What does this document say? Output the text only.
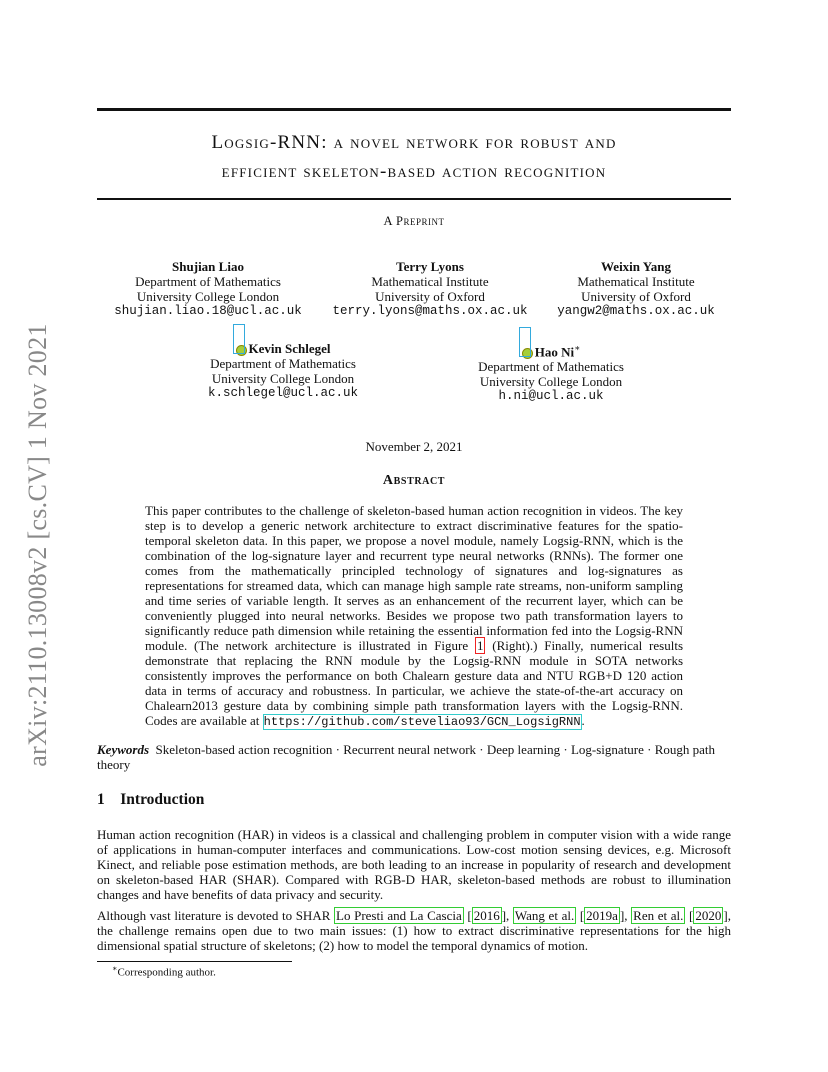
arXiv:2110.13008v2 [cs.CV] 1 Nov 2021
Logsig-RNN: a novel network for robust and
efficient skeleton-based action recognition
A Preprint
Shujian Liao
Department of Mathematics
University College London
shujian.liao.18@ucl.ac.uk
Terry Lyons
Mathematical Institute
University of Oxford
terry.lyons@maths.ox.ac.uk
Weixin Yang
Mathematical Institute
University of Oxford
yangw2@maths.ox.ac.uk
Kevin Schlegel
Department of Mathematics
University College London
k.schlegel@ucl.ac.uk
Hao Ni∗
Department of Mathematics
University College London
h.ni@ucl.ac.uk
November 2, 2021
Abstract
This paper contributes to the challenge of skeleton-based human action recognition in videos. The key step is to develop a generic network architecture to extract discriminative features for the spatio-temporal skeleton data. In this paper, we propose a novel module, namely Logsig-RNN, which is the combination of the log-signature layer and recurrent type neural networks (RNNs). The former one comes from the mathematically principled technology of signatures and log-signatures as representations for streamed data, which can manage high sample rate streams, non-uniform sampling and time series of variable length. It serves as an enhancement of the recurrent layer, which can be conveniently plugged into neural networks. Besides we propose two path transformation layers to significantly reduce path dimension while retaining the essential information fed into the Logsig-RNN module. (The network architecture is illustrated in Figure 1 (Right).) Finally, numerical results demonstrate that replacing the RNN module by the Logsig-RNN module in SOTA networks consistently improves the performance on both Chalearn gesture data and NTU RGB+D 120 action data in terms of accuracy and robustness. In particular, we achieve the state-of-the-art accuracy on Chalearn2013 gesture data by combining simple path transformation layers with the Logsig-RNN. Codes are available at https://github.com/steveliao93/GCN_LogsigRNN.
Keywords Skeleton-based action recognition · Recurrent neural network · Deep learning · Log-signature · Rough path theory
1 Introduction
Human action recognition (HAR) in videos is a classical and challenging problem in computer vision with a wide range of applications in human-computer interfaces and communications. Low-cost motion sensing devices, e.g. Microsoft Kinect, and reliable pose estimation methods, are both leading to an increase in popularity of research and development on skeleton-based HAR (SHAR). Compared with RGB-D HAR, skeleton-based methods are robust to illumination changes and have benefits of data privacy and security.
Although vast literature is devoted to SHAR Lo Presti and La Cascia [ 2016 ], Wang et al. [ 2019a ], Ren et al. [ 2020 ], the challenge remains open due to two main issues: (1) how to extract discriminative representations for the high dimensional spatial structure of skeletons; (2) how to model the temporal dynamics of motion.
∗Corresponding author.
